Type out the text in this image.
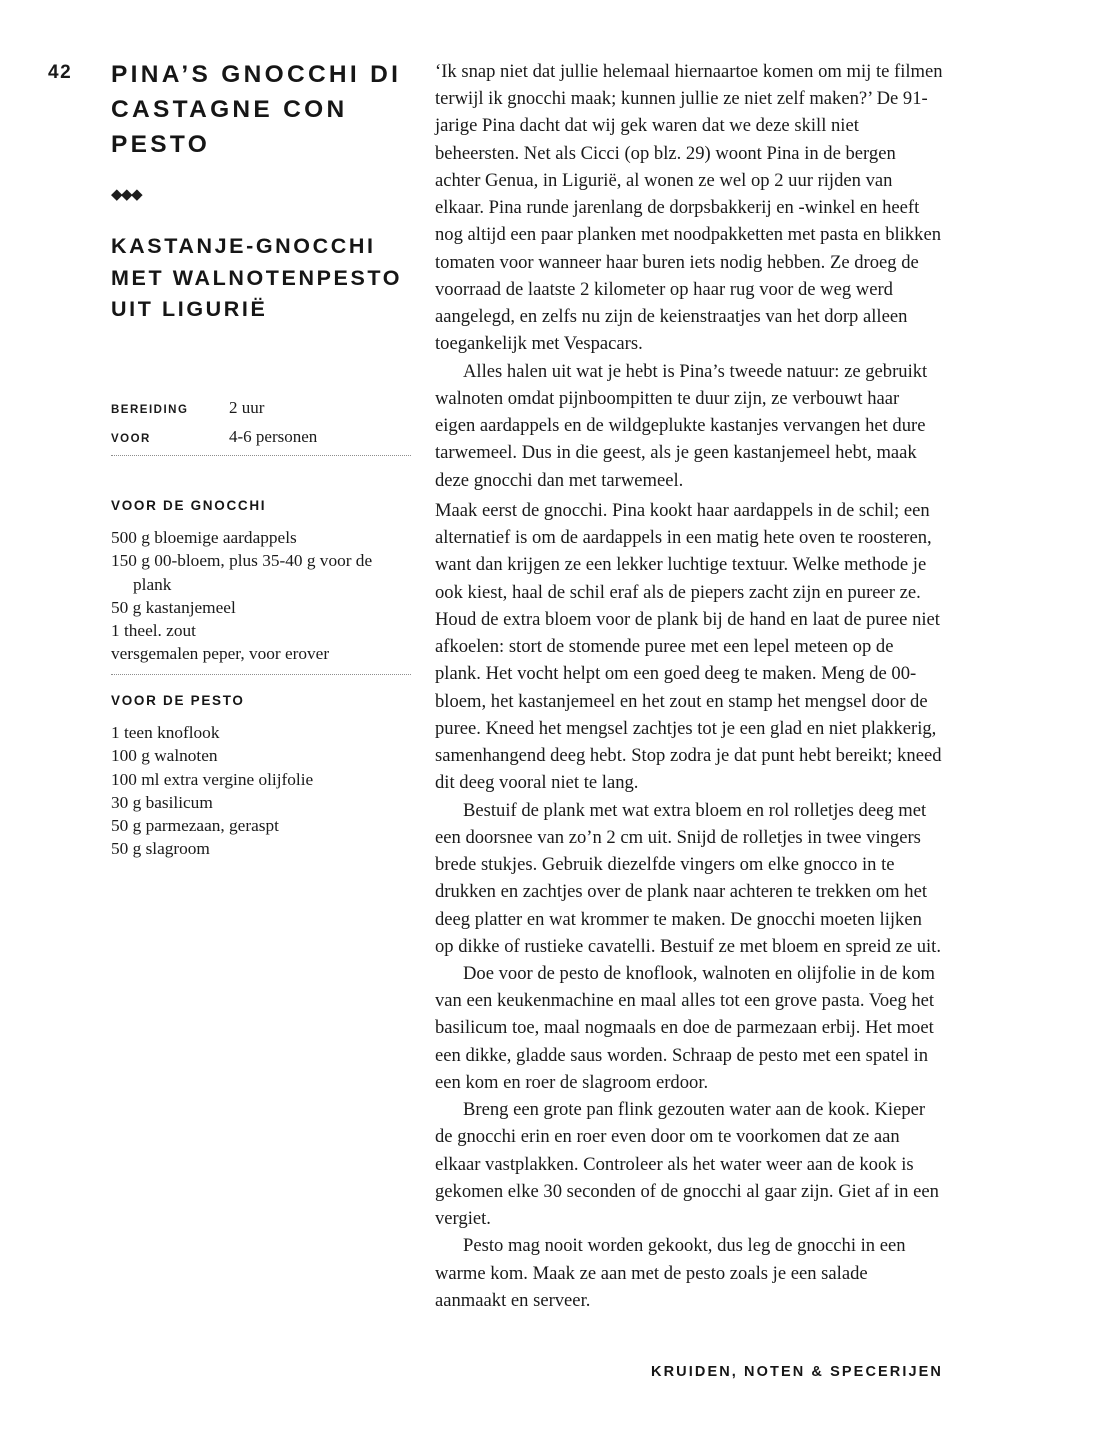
42 PINA’S GNOCCHI DI CASTAGNE CON PESTO
◆◆◆
KASTANJE-GNOCCHI MET WALNOTENPESTO UIT LIGURIË
BEREIDING	2 uur
VOOR	4-6 personen
VOOR DE GNOCCHI
500 g bloemige aardappels
150 g 00-bloem, plus 35-40 g voor de plank
50 g kastanjemeel
1 theel. zout
versgemalen peper, voor erover
VOOR DE PESTO
1 teen knoflook
100 g walnoten
100 ml extra vergine olijfolie
30 g basilicum
50 g parmezaan, geraspt
50 g slagroom

‘Ik snap niet dat jullie helemaal hiernaartoe komen om mij te filmen terwijl ik gnocchi maak; kunnen jullie ze niet zelf maken?’ De 91-jarige Pina dacht dat wij gek waren dat we deze skill niet beheersten. Net als Cicci (op blz. 29) woont Pina in de bergen achter Genua, in Ligurië, al wonen ze wel op 2 uur rijden van elkaar. Pina runde jarenlang de dorpsbakkerij en -winkel en heeft nog altijd een paar planken met noodpakketten met pasta en blikken tomaten voor wanneer haar buren iets nodig hebben. Ze droeg de voorraad de laatste 2 kilometer op haar rug voor de weg werd aangelegd, en zelfs nu zijn de keienstraatjes van het dorp alleen toegankelijk met Vespacars.

Alles halen uit wat je hebt is Pina’s tweede natuur: ze gebruikt walnoten omdat pijnboompitten te duur zijn, ze verbouwt haar eigen aardappels en de wildgeplukte kastanjes vervangen het dure tarwemeel. Dus in die geest, als je geen kastanjemeel hebt, maak deze gnocchi dan met tarwemeel.

Maak eerst de gnocchi. Pina kookt haar aardappels in de schil; een alternatief is om de aardappels in een matig hete oven te roosteren, want dan krijgen ze een lekker luchtige textuur. Welke methode je ook kiest, haal de schil eraf als de piepers zacht zijn en pureer ze. Houd de extra bloem voor de plank bij de hand en laat de puree niet afkoelen: stort de stomende puree met een lepel meteen op de plank. Het vocht helpt om een goed deeg te maken. Meng de 00-bloem, het kastanjemeel en het zout en stamp het mengsel door de puree. Kneed het mengsel zachtjes tot je een glad en niet plakkerig, samenhangend deeg hebt. Stop zodra je dat punt hebt bereikt; kneed dit deeg vooral niet te lang.

Bestuif de plank met wat extra bloem en rol rolletjes deeg met een doorsnee van zo’n 2 cm uit. Snijd de rolletjes in twee vingers brede stukjes. Gebruik diezelfde vingers om elke gnocco in te drukken en zachtjes over de plank naar achteren te trekken om het deeg platter en wat krommer te maken. De gnocchi moeten lijken op dikke of rustieke cavatelli. Bestuif ze met bloem en spreid ze uit.

Doe voor de pesto de knoflook, walnoten en olijfolie in de kom van een keukenmachine en maal alles tot een grove pasta. Voeg het basilicum toe, maal nogmaals en doe de parmezaan erbij. Het moet een dikke, gladde saus worden. Schraap de pesto met een spatel in een kom en roer de slagroom erdoor.

Breng een grote pan flink gezouten water aan de kook. Kieper de gnocchi erin en roer even door om te voorkomen dat ze aan elkaar vastplakken. Controleer als het water weer aan de kook is gekomen elke 30 seconden of de gnocchi al gaar zijn. Giet af in een vergiet.

Pesto mag nooit worden gekookt, dus leg de gnocchi in een warme kom. Maak ze aan met de pesto zoals je een salade aanmaakt en serveer.

KRUIDEN, NOTEN & SPECERIJEN
